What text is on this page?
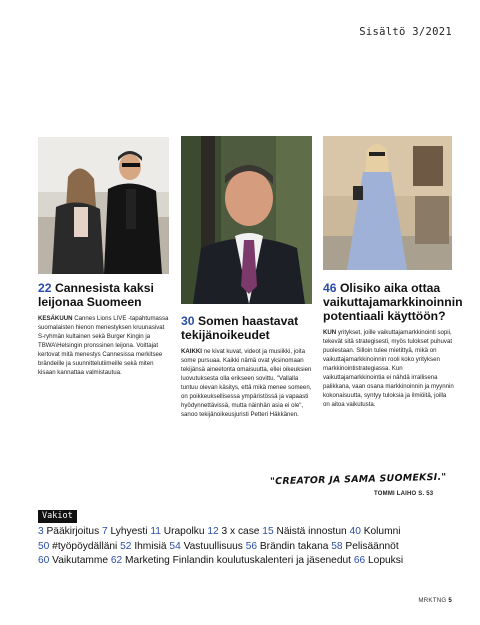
Sisältö 3/2021

22 Cannesista kaksi leijonaa Suomeen

KESÄKUUN Cannes Lions LIVE -tapahtumassa suomalaisten hienon menestyksen kruunasivat S-ryhmän kultainen sekä Burger Kingin ja TBWA\Helsingin pronssinen leijona. Voittajat kertovat mitä menestys Cannesissa merkitsee brändeille ja suunnittelutiimeille sekä miten kisaan kannattaa valmistautua.

30 Somen haastavat tekijänoikeudet

KAIKKI ne kivat kuvat, videot ja musiikki, joita some pursuaa. Kaikki nämä ovat yksinomaan tekijänsä aineetonta omaisuutta, ellei oikeuksien luovutuksesta olla erikseen sovittu. "Vallalla tuntuu olevan käsitys, että mikä menee someen, on poikkeuksellisessa ympäristössä ja vapaasti hyödynnettävissä, mutta näinhän asia ei ole", sanoo tekijänoikeusjuristi Petteri Häkkänen.

46 Olisiko aika ottaa vaikuttajamarkkinoinnin potentiaali käyttöön?

KUN yritykset, joille vaikuttajamarkkinointi sopii, tekevät sitä strategisesti, myös tulokset puhuvat puolestaan. Silloin tulee mietittyä, mikä on vaikuttajamarkkinoinnin rooli koko yrityksen markkinointistrategiassa. Kun vaikuttajamarkkinointia ei nähdä irrallisena palikkana, vaan osana markkinoinnin ja myynnin kokonaisuutta, syntyy tuloksia ja ilmiöitä, joilla on aitoa vaikutusta.
"CREATOR JA SAMA SUOMEKSI."
TOMMI LAIHO S. 53
Vakiot
3 Pääkirjoitus 7 Lyhyesti 11 Urapolku 12 3 x case 15 Näistä innostun 40 Kolumni
50 #työpöydälläni 52 Ihmisiä 54 Vastuullisuus 56 Brändin takana 58 Pelisäännöt
60 Vaikutamme 62 Marketing Finlandin koulutuskalenteri ja jäsenedut 66 Lopuksi
MRKTNG 5
